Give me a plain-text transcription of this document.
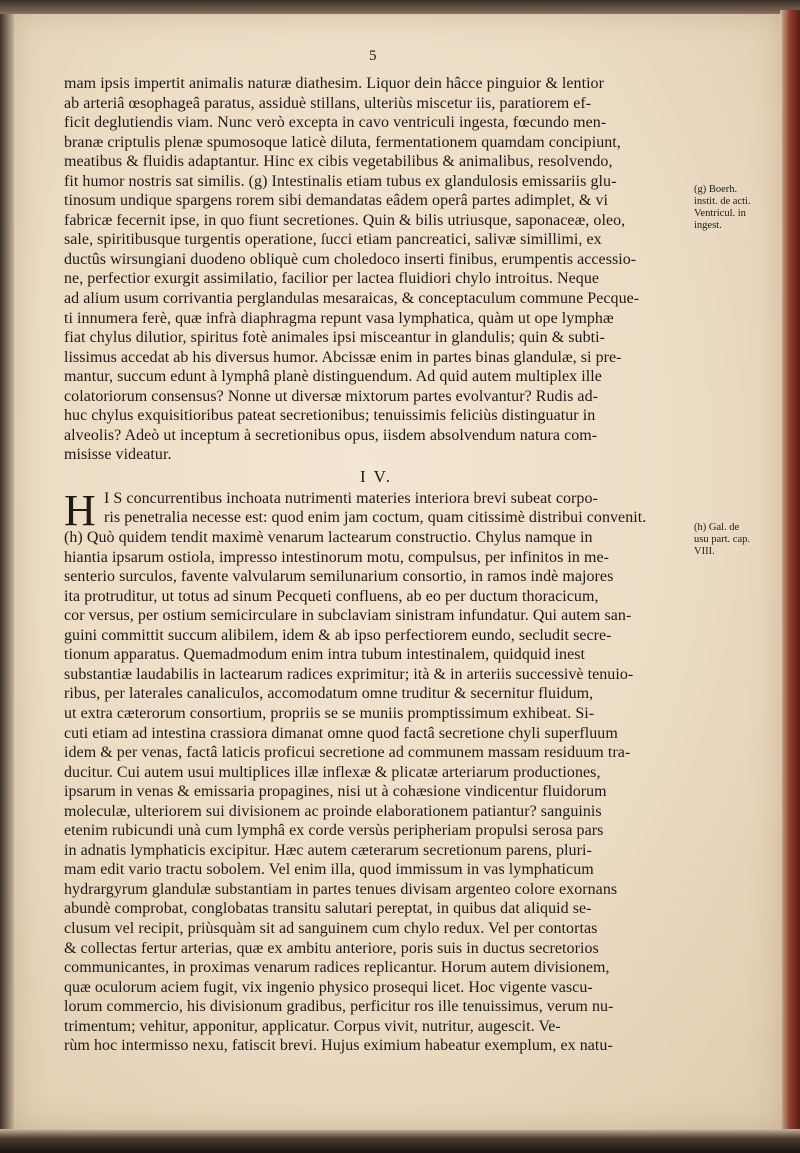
5
mam ipsis impertit animalis naturæ diathesim. Liquor dein hâcce pinguior & lentior
ab arteriâ œsophageâ paratus, assiduè stillans, ulteriùs miscetur iis, paratiorem ef-
ficit deglutiendis viam. Nunc verò excepta in cavo ventriculi ingesta, fœcundo men-
branæ criptulis plenæ spumosoque laticè diluta, fermentationem quamdam concipiunt,
meatibus & fluidis adaptantur. Hinc ex cibis vegetabilibus & animalibus, resolvendo,
fit humor nostris sat similis. (g) Intestinalis etiam tubus ex glandulosis emissariis glu-
tinosum undique spargens rorem sibi demandatas eâdem operâ partes adimplet, & vi
fabricæ fecernit ipse, in quo fiunt secretiones. Quin & bilis utriusque, saponaceæ, oleo,
sale, spiritibusque turgentis operatione, ſucci etiam pancreatici, salivæ simillimi, ex
ductûs wirsungiani duodeno obliquè cum choledoco inserti finibus, erumpentis accessio-
ne, perfectior exurgit assimilatio, facilior per lactea fluidiori chylo introitus. Neque
ad alium usum corrivantia perglandulas mesaraicas, & conceptaculum commune Pecque-
ti innumera ferè, quæ infrà diaphragma repunt vasa lymphatica, quàm ut ope lymphæ
fiat chylus dilutior, spiritus fotè animales ipsi misceantur in glandulis; quin & subti-
lissimus accedat ab his diversus humor. Abcissæ enim in partes binas glandulæ, si pre-
mantur, succum edunt à lymphâ planè distinguendum. Ad quid autem multiplex ille
colatoriorum consensus? Nonne ut diversæ mixtorum partes evolvantur? Rudis ad-
huc chylus exquisitioribus pateat secretionibus; tenuissimis feliciùs distinguatur in
alveolis? Adeò ut inceptum à secretionibus opus, iisdem absolvendum natura com-
misisse videatur.
I V.
H I S concurrentibus inchoata nutrimenti materies interiora brevi subeat corpo-
ris penetralia necesse est: quod enim jam coctum, quam citissimè distribui convenit.
(h) Quò quidem tendit maximè venarum lactearum constructio. Chylus namque in
hiantia ipsarum ostiola, impresso intestinorum motu, compulsus, per infinitos in me-
senterio surculos, favente valvularum semilunarium consortio, in ramos indè majores
ita protruditur, ut totus ad sinum Pecqueti confluens, ab eo per ductum thoracicum,
cor versus, per ostium semicirculare in subclaviam sinistram infundatur. Qui autem san-
guini committit succum alibilem, idem & ab ipso perfectiorem eundo, secludit secre-
tionum apparatus. Quemadmodum enim intra tubum intestinalem, quidquid inest
substantiæ laudabilis in lactearum radices exprimitur; ità & in arteriis successivè tenuio-
ribus, per laterales canaliculos, accomodatum omne truditur & secernitur fluidum,
ut extra cæterorum consortium, propriis se se muniis promptissimum exhibeat. Si-
cuti etiam ad intestina crassiora dimanat omne quod factâ secretione chyli superfluum
idem & per venas, factâ laticis proficui secretione ad communem massam residuum tra-
ducitur. Cui autem usui multiplices illæ inflexæ & plicatæ arteriarum productiones,
ipsarum in venas & emissaria propagines, nisi ut à cohæsione vindicentur fluidorum
moleculæ, ulteriorem sui divisionem ac proinde elaborationem patiantur? sanguinis
etenim rubicundi unà cum lymphâ ex corde versùs peripheriam propulsi serosa pars
in adnatis lymphaticis excipitur. Hæc autem cæterarum secretionum parens, pluri-
mam edit vario tractu sobolem. Vel enim illa, quod immissum in vas lymphaticum
hydrargyrum glandulæ substantiam in partes tenues divisam argenteo colore exornans
abundè comprobat, conglobatas transitu salutari pereptat, in quibus dat aliquid se-
clusum vel recipit, priùsquàm sit ad sanguinem cum chylo redux. Vel per contortas
& collectas fertur arterias, quæ ex ambitu anteriore, poris suis in ductus secretorios
communicantes, in proximas venarum radices replicantur. Horum autem divisionem,
quæ oculorum aciem fugit, vix ingenio physico prosequi licet. Hoc vigente vascu-
lorum commercio, his divisionum gradibus, perficitur ros ille tenuissimus, verum nu-
trimentum; vehitur, apponitur, applicatur. Corpus vivit, nutritur, augescit. Ve-
rùm hoc intermisso nexu, fatiscit brevi. Hujus eximium habeatur exemplum, ex natu-
(g) Boerh.
instit. de acti.
Ventricul. in
ingest.
(h) Gal. de
usu part. cap.
VIII.
